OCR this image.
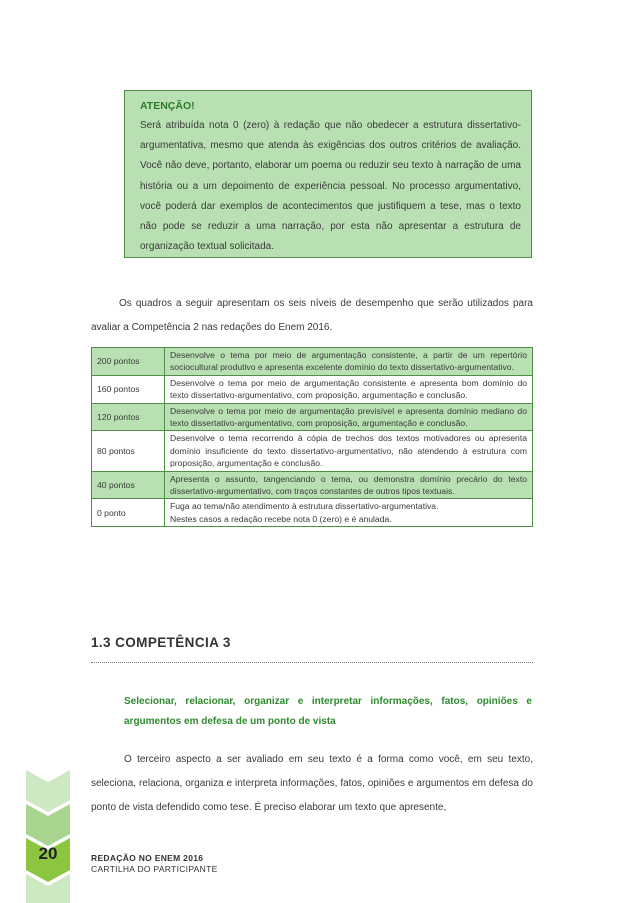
ATENÇÃO!
Será atribuída nota 0 (zero) à redação que não obedecer a estrutura dissertativo-argumentativa, mesmo que atenda às exigências dos outros critérios de avaliação. Você não deve, portanto, elaborar um poema ou reduzir seu texto à narração de uma história ou a um depoimento de experiência pessoal. No processo argumentativo, você poderá dar exemplos de acontecimentos que justifiquem a tese, mas o texto não pode se reduzir a uma narração, por esta não apresentar a estrutura de organização textual solicitada.
Os quadros a seguir apresentam os seis níveis de desempenho que serão utilizados para avaliar a Competência 2 nas redações do Enem 2016.
200 pontos	Desenvolve o tema por meio de argumentação consistente, a partir de um repertório sociocultural produtivo e apresenta excelente domínio do texto dissertativo-argumentativo.
160 pontos	Desenvolve o tema por meio de argumentação consistente e apresenta bom domínio do texto dissertativo-argumentativo, com proposição, argumentação e conclusão.
120 pontos	Desenvolve o tema por meio de argumentação previsível e apresenta domínio mediano do texto dissertativo-argumentativo, com proposição, argumentação e conclusão.
80 pontos	Desenvolve o tema recorrendo à cópia de trechos dos textos motivadores ou apresenta domínio insuficiente do texto dissertativo-argumentativo, não atendendo à estrutura com proposição, argumentação e conclusão.
40 pontos	Apresenta o assunto, tangenciando o tema, ou demonstra domínio precário do texto dissertativo-argumentativo, com traços constantes de outros tipos textuais.
0 ponto	Fuga ao tema/não atendimento à estrutura dissertativo-argumentativa.
Nestes casos a redação recebe nota 0 (zero) e é anulada.
1.3 COMPETÊNCIA 3
Selecionar, relacionar, organizar e interpretar informações, fatos, opiniões e argumentos em defesa de um ponto de vista
O terceiro aspecto a ser avaliado em seu texto é a forma como você, em seu texto, seleciona, relaciona, organiza e interpreta informações, fatos, opiniões e argumentos em defesa do ponto de vista defendido como tese. É preciso elaborar um texto que apresente,
20	REDAÇÃO NO ENEM 2016
CARTILHA DO PARTICIPANTE
